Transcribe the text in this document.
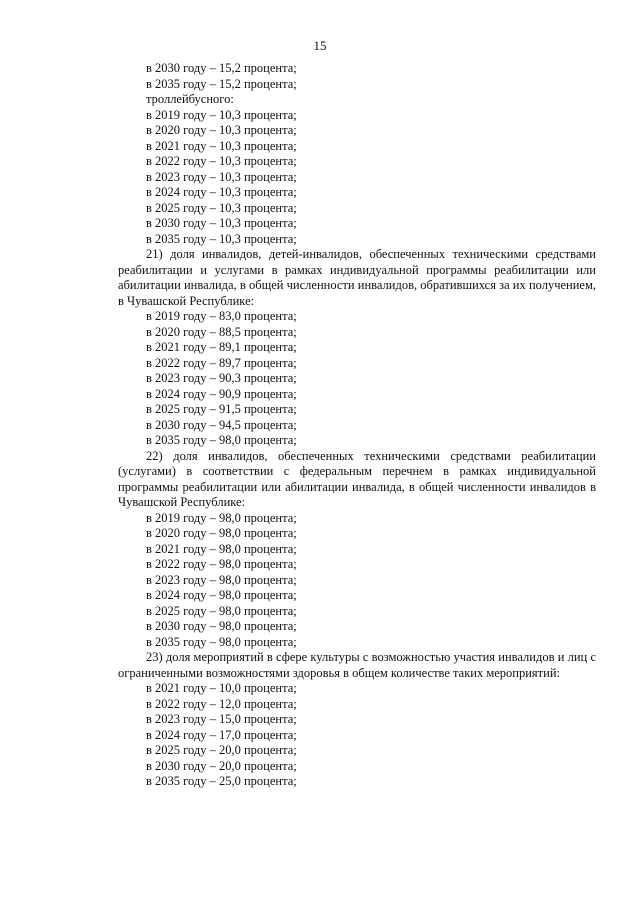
15
в 2030 году – 15,2 процента;
в 2035 году – 15,2 процента;
троллейбусного:
в 2019 году – 10,3 процента;
в 2020 году – 10,3 процента;
в 2021 году – 10,3 процента;
в 2022 году – 10,3 процента;
в 2023 году – 10,3 процента;
в 2024 году – 10,3 процента;
в 2025 году – 10,3 процента;
в 2030 году – 10,3 процента;
в 2035 году – 10,3 процента;
21) доля инвалидов, детей-инвалидов, обеспеченных техническими средствами реабилитации и услугами в рамках индивидуальной программы реабилитации или абилитации инвалида, в общей численности инвалидов, обратившихся за их получением, в Чувашской Республике:
в 2019 году – 83,0 процента;
в 2020 году – 88,5 процента;
в 2021 году – 89,1 процента;
в 2022 году – 89,7 процента;
в 2023 году – 90,3 процента;
в 2024 году – 90,9 процента;
в 2025 году – 91,5 процента;
в 2030 году – 94,5 процента;
в 2035 году – 98,0 процента;
22) доля инвалидов, обеспеченных техническими средствами реабилитации (услугами) в соответствии с федеральным перечнем в рамках индивидуальной программы реабилитации или абилитации инвалида, в общей численности инвалидов в Чувашской Республике:
в 2019 году – 98,0 процента;
в 2020 году – 98,0 процента;
в 2021 году – 98,0 процента;
в 2022 году – 98,0 процента;
в 2023 году – 98,0 процента;
в 2024 году – 98,0 процента;
в 2025 году – 98,0 процента;
в 2030 году – 98,0 процента;
в 2035 году – 98,0 процента;
23) доля мероприятий в сфере культуры с возможностью участия инвалидов и лиц с ограниченными возможностями здоровья в общем количестве таких мероприятий:
в 2021 году – 10,0 процента;
в 2022 году – 12,0 процента;
в 2023 году – 15,0 процента;
в 2024 году – 17,0 процента;
в 2025 году – 20,0 процента;
в 2030 году – 20,0 процента;
в 2035 году – 25,0 процента;
